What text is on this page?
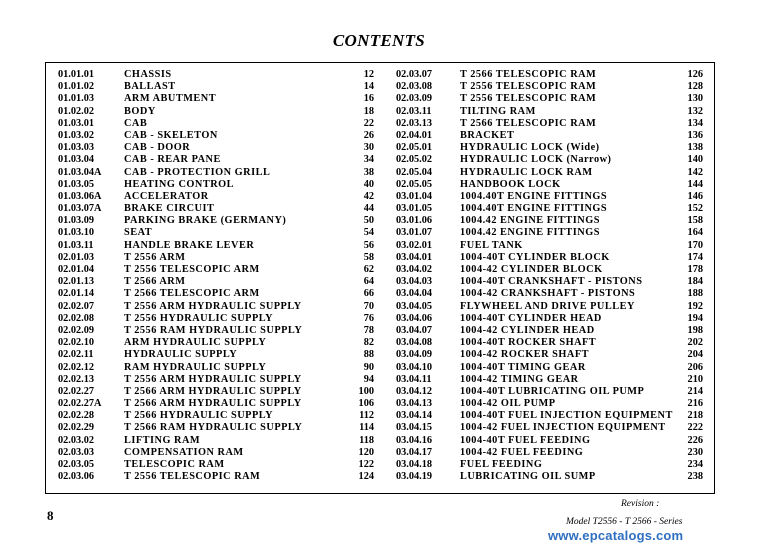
CONTENTS
01.01.01	CHASSIS	12
01.01.02	BALLAST	14
01.01.03	ARM ABUTMENT	16
01.02.02	BODY	18
01.03.01	CAB	22
01.03.02	CAB - SKELETON	26
01.03.03	CAB - DOOR	30
01.03.04	CAB - REAR PANE	34
01.03.04A CAB - PROTECTION GRILL	38
01.03.05	HEATING CONTROL	40
01.03.06A ACCELERATOR	42
01.03.07A BRAKE CIRCUIT	44
01.03.09	PARKING BRAKE (GERMANY)	50
01.03.10	SEAT	54
01.03.11	HANDLE BRAKE LEVER	56
02.01.03	T 2556 ARM	58
02.01.04	T 2556 TELESCOPIC ARM	62
02.01.13	T 2566 ARM	64
02.01.14	T 2566 TELESCOPIC ARM	66
02.02.07	T 2556 ARM HYDRAULIC SUPPLY	70
02.02.08	T 2556 HYDRAULIC SUPPLY	76
02.02.09	T 2556 RAM HYDRAULIC SUPPLY	78
02.02.10	ARM HYDRAULIC SUPPLY	82
02.02.11	HYDRAULIC SUPPLY	88
02.02.12	RAM HYDRAULIC SUPPLY	90
02.02.13	T 2556 ARM HYDRAULIC SUPPLY	94
02.02.27	T 2566 ARM HYDRAULIC SUPPLY	100
02.02.27A T 2566 ARM HYDRAULIC SUPPLY	106
02.02.28	T 2566 HYDRAULIC SUPPLY	112
02.02.29	T 2566 RAM HYDRAULIC SUPPLY	114
02.03.02	LIFTING RAM	118
02.03.03	COMPENSATION RAM	120
02.03.05	TELESCOPIC RAM	122
02.03.06	T 2556 TELESCOPIC RAM	124
02.03.07	T 2566 TELESCOPIC RAM	126
02.03.08	T 2556 TELESCOPIC RAM	128
02.03.09	T 2556 TELESCOPIC RAM	130
02.03.11	TILTING RAM	132
02.03.13	T 2566 TELESCOPIC RAM	134
02.04.01	BRACKET	136
02.05.01	HYDRAULIC LOCK (Wide)	138
02.05.02	HYDRAULIC LOCK (Narrow)	140
02.05.04	HYDRAULIC LOCK RAM	142
02.05.05	HANDBOOK LOCK	144
03.01.04	1004.40T ENGINE FITTINGS	146
03.01.05	1004.40T ENGINE FITTINGS	152
03.01.06	1004.42 ENGINE FITTINGS	158
03.01.07	1004.42 ENGINE FITTINGS	164
03.02.01	FUEL TANK	170
03.04.01	1004-40T CYLINDER BLOCK	174
03.04.02	1004-42 CYLINDER BLOCK	178
03.04.03	1004-40T CRANKSHAFT - PISTONS	184
03.04.04	1004-42 CRANKSHAFT - PISTONS	188
03.04.05	FLYWHEEL AND DRIVE PULLEY	192
03.04.06	1004-40T CYLINDER HEAD	194
03.04.07	1004-42 CYLINDER HEAD	198
03.04.08	1004-40T ROCKER SHAFT	202
03.04.09	1004-42 ROCKER SHAFT	204
03.04.10	1004-40T TIMING GEAR	206
03.04.11	1004-42 TIMING GEAR	210
03.04.12	1004-40T LUBRICATING OIL PUMP	214
03.04.13	1004-42 OIL PUMP	216
03.04.14	1004-40T FUEL INJECTION EQUIPMENT 218
03.04.15	1004-42 FUEL INJECTION EQUIPMENT 222
03.04.16	1004-40T FUEL FEEDING	226
03.04.17	1004-42 FUEL FEEDING	230
03.04.18	FUEL FEEDING	234
03.04.19	LUBRICATING OIL SUMP	238
8
Revision :
Model T2556 - T 2566 - Series
www.epcatalogs.com
